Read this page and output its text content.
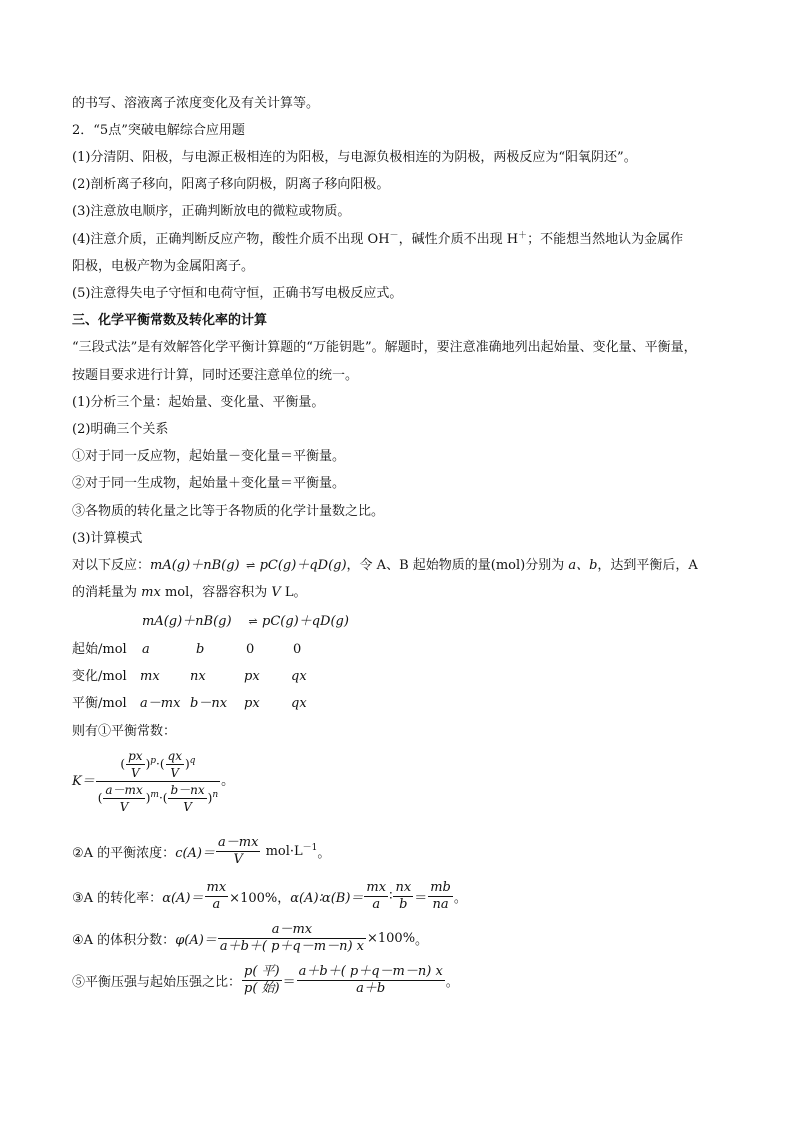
的书写、溶液离子浓度变化及有关计算等。
2．“5点”突破电解综合应用题
(1)分清阴、阳极，与电源正极相连的为阳极，与电源负极相连的为阴极，两极反应为“阳氧阴还”。
(2)剖析离子移向，阳离子移向阴极，阴离子移向阳极。
(3)注意放电顺序，正确判断放电的微粒或物质。
(4)注意介质，正确判断反应产物，酸性介质不出现 OH－，碱性介质不出现 H＋；不能想当然地认为金属作
阳极，电极产物为金属阳离子。
(5)注意得失电子守恒和电荷守恒，正确书写电极反应式。
三、化学平衡常数及转化率的计算
“三段式法”是有效解答化学平衡计算题的“万能钥匙”。解题时，要注意准确地列出起始量、变化量、平衡量，
按题目要求进行计算，同时还要注意单位的统一。
(1)分析三个量：起始量、变化量、平衡量。
(2)明确三个关系
①对于同一反应物，起始量－变化量＝平衡量。
②对于同一生成物，起始量＋变化量＝平衡量。
③各物质的转化量之比等于各物质的化学计量数之比。
(3)计算模式
对以下反应：mA(g)＋nB(g) ⇌ pC(g)＋qD(g)，令 A、B 起始物质的量(mol)分别为 a、b，达到平衡后，A
的消耗量为 mx mol，容器容积为 V L。
mA(g)＋nB(g)	⇌ pC(g)＋qD(g)
起始/mol a	b	0	0
变化/mol mx nx	px qx
平衡/mol a－mx b－nx px qx
则有①平衡常数：
$K= \frac{( \frac{px}{V} )^p\cdot( \frac{qx}{V} )^q}{( \frac{a-mx}{V} )^m\cdot( \frac{b-nx}{V} )^n}$ 。
②A 的平衡浓度：$c(A)= \frac{a-mx}{V} mol\cdot L^{-1}$。
③A 的转化率：$\alpha(A)= \frac{mx}{a} \times 100\%$，α(A)∶α(B)＝ $\frac{mx}{a}$ ∶ $\frac{nx}{b} = \frac{mb}{na}$ 。
④A 的体积分数：$\varphi(A)= \frac{a-mx}{a+b+( p+q-m-n) x} \times 100\%$。
⑤平衡压强与起始压强之比： $\frac{\text{p( 平)}}{\text{p( 始)}} = \frac{a+b+( p+q-m-n) x}{a+b}$ 。
